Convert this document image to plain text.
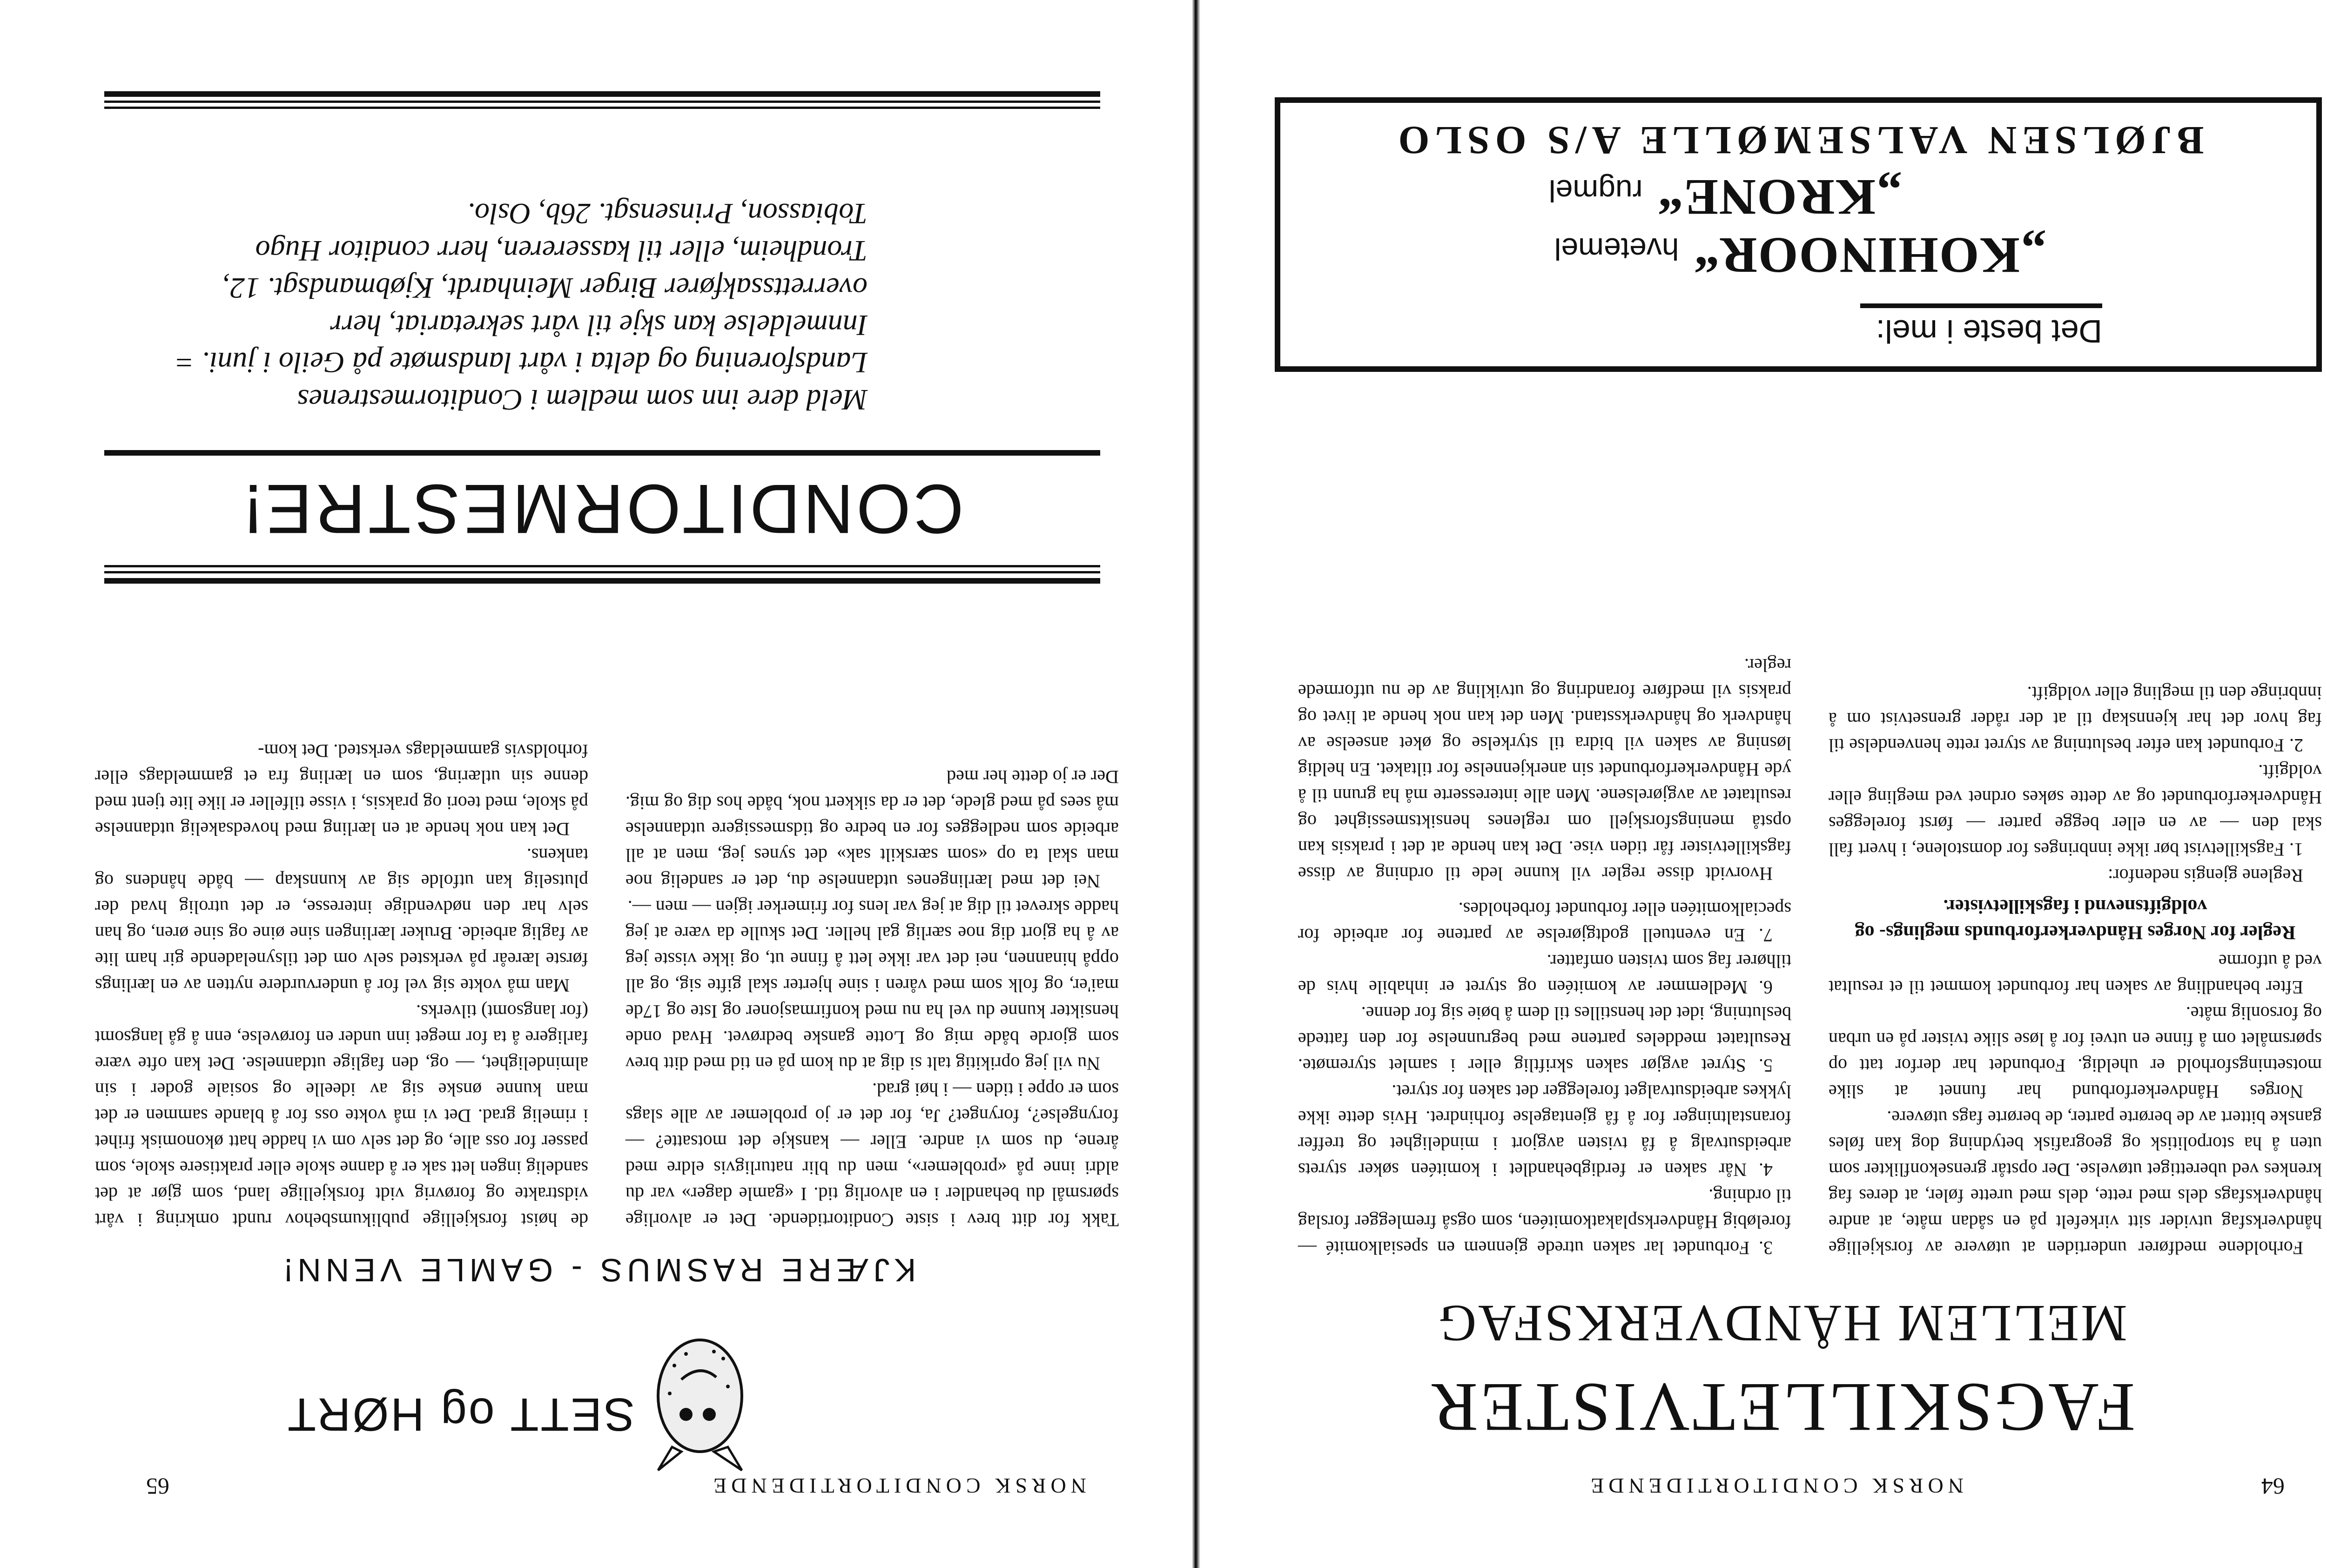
64
NORSK CONDITORTIDENDE
FAGSKILLETVISTER
MELLEM HÅNDVERKSFAG

Forholdene medfører undertiden at utøvere av forskjellige håndverksfag utvider sitt virkefelt på en sådan måte, at andre håndverksfags dels med rette, dels med urette føler, at deres fag krenkes ved uberettiget utøvelse. Der opstår grensekonflikter som uten å ha storpolitisk og geografisk betydning dog kan føles ganske bittert av de berørte parter, de berørte fags utøvere.

Norges Håndverkerforbund har funnet at slike motsetningsforhold er uheldig. Forbundet har derfor tatt op spørsmålet om å finne en utvei for å løse slike tvister på en urban og forsonlig måte.

Efter behandling av saken har forbundet kommet til et resultat ved å utforme

Regler for Norges Håndverkerforbunds meglings- og voldgiftsnevnd i fagskilletvister.

Reglene gjengis nedenfor:

1. Fagskilletvist bør ikke innbringes for domstolene, i hvert fall skal den — av en eller begge parter — først forelegges Håndverkerforbundet og av dette søkes ordnet ved megling eller voldgift.

2. Forbundet kan efter beslutning av styret rette henvendelse til fag hvor det har kjennskap til at der råder grensetvist om å innbringe den til megling eller voldgift.

3. Forbundet lar saken utrede gjennem en spesialkomité — foreløbig Håndverksplakatkomitéen, som også fremlegger forslag til ordning.

4. Når saken er ferdigbehandlet i komitéen søker styrets arbeidsutvalg å få tvisten avgjort i mindelighet og treffer foranstaltninger for å få gjentagelse forhindret. Hvis dette ikke lykkes arbeidsutvalget forelegger det saken for styret.

5. Styret avgjør saken skriftlig eller i samlet styremøte. Resultatet meddeles partene med begrunnelse for den fattede beslutning, idet det henstilles til dem å bøie sig for denne.

6. Medlemmer av komitéen og styret er inhabile hvis de tilhører fag som tvisten omfatter.

7. En eventuell godtgjørelse av partene for arbeide for specialkomitéen eller forbundet forbeholdes.

Hvorvidt disse regler vil kunne lede til ordning av disse fagskilletvister får tiden vise. Det kan hende at det i praksis kan opstå meningsforskjell om reglenes hensiktsmessighet og resultatet av avgjørelsene. Men alle interesserte må ha grunn til å yde Håndverkerforbundet sin anerkjennelse for tiltaket. En heldig løsning av saken vil bidra til styrkelse og øket anseelse av håndverk og håndverksstand. Men det kan nok hende at livet og praksis vil medføre forandring og utvikling av de nu utformede regler.

Det beste i mel:
„KOHINOOR“ hvetemel
„KRONE“ rugmel
BJØLSEN VALSEMØLLE A/S OSLO
NORSK CONDITORTIDENDE
65
SETT og HØRT
KJÆRE RASMUS - GAMLE VENN!

Takk for ditt brev i siste Conditortidende. Det er alvorlige spørsmål du behandler i en alvorlig tid. I «gamle dager» var du aldri inne på «problemer», men du blir naturligvis eldre med årene, du som vi andre. Eller — kanskje det motsatte? — foryngelse?, forynget? Ja, for det er jo problemer av alle slags som er oppe i tiden — i høi grad.

Nu vil jeg oprikitig talt si dig at du kom på en tid med ditt brev som gjorde både mig og Lotte ganske bedrøvet. Hvad onde hensikter kunne du vel ha nu med konfirmasjoner og Iste og 17de mai'er, og folk som med våren i sine hjerter skal gifte sig, og all oppå hinannen, nei det var ikke lett å finne ut, og ikke visste jeg av å ha gjort dig noe særlig gal heller. Det skulle da være at jeg hadde skrevet til dig at jeg var lens for frimerker igjen — men —.

Nei det med lærlingenes utdannelse du, det er sandelig noe man skal ta op «som særskilt sak» det synes jeg, men at all arbeide som nedlegges for en bedre og tidsmessigere utdannelse må sees på med glede, det er da sikkert nok, både hos dig og mig. Der er jo dette her med

de høist forskjellige publikumsbehov rundt omkring i vårt vidstrakte og forøvrig vidt forskjellige land, som gjør at det sandelig ingen lett sak er å danne skole eller praktisere skole, som passer for oss alle, og det selv om vi hadde hatt økonomisk frihet i rimelig grad. Det vi må vokte oss for å blande sammen er det man kunne ønske sig av ideelle og sosiale goder i sin almindelighet, — og, den faglige utdannelse. Det kan ofte være farligere å ta for meget inn under en forøvelse, enn å gå langsomt (for langsomt) tilverks.

Man må vokte sig vel for å undervurdere nytten av en lærlings første læreår på verksted selv om det tilsyneladende gir ham lite av faglig arbeide. Bruker lærlingen sine øine og sine øren, og han selv har den nødvendige interesse, er det utrolig hvad der plutselig kan utfolde sig av kunnskap — både håndens og tankens.

Det kan nok hende at en lærling med hovedsakelig utdannelse på skole, med teori og praksis, i visse tilfeller er like lite tjent med denne sin utlæring, som en lærling fra et gammeldags eller forholdsvis gammeldags verksted. Det kom-

CONDITORMESTRE!
Meld dere inn som medlem i Conditormestrenes Landsforening og delta i vårt landsmøte på Geilo i juni. = Innmeldelse kan skje til vårt sekretariat, herr overrettssakfører Birger Meinhardt, Kjøbmandsgt. 12, Trondheim, eller til kassereren, herr conditor Hugo Tobiasson, Prinsensgt. 26b, Oslo.
